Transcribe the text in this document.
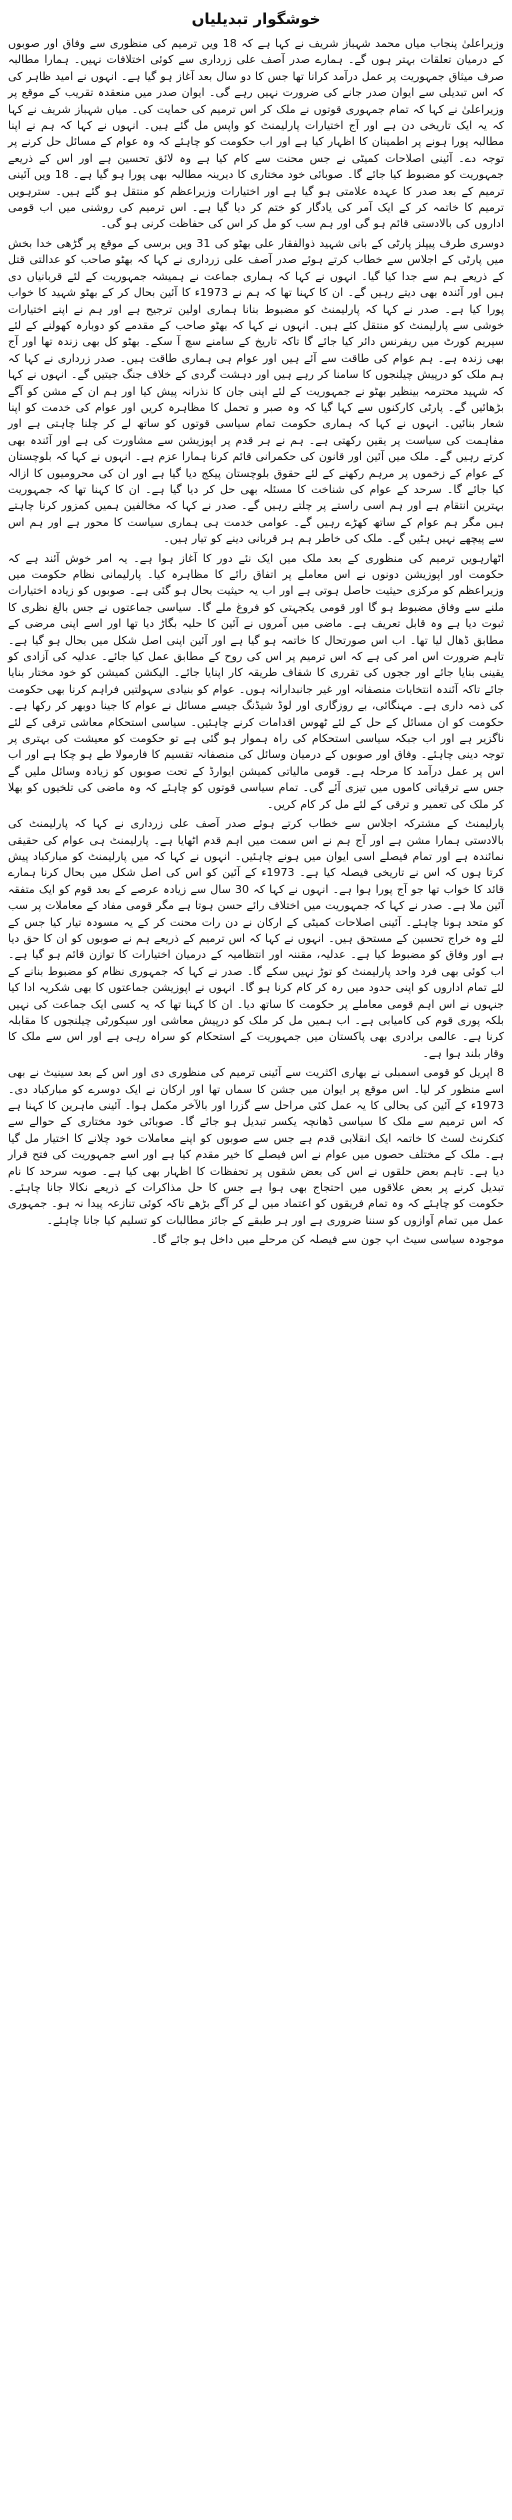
خوشگوار تبدیلیاں

وزیراعلیٰ پنجاب میاں محمد شہباز شریف نے کہا ہے کہ 18 ویں ترمیم کی منظوری سے وفاق اور صوبوں کے درمیان تعلقات بہتر ہوں گے۔ ہمارے صدر آصف علی زرداری سے کوئی اختلافات نہیں۔ ہمارا مطالبہ صرف میثاق جمہوریت پر عمل درآمد کرانا تھا جس کا دو سال بعد آغاز ہو گیا ہے۔ انہوں نے امید ظاہر کی کہ اس تبدیلی سے ایوان صدر جانے کی ضرورت نہیں رہے گی۔ ایوان صدر میں منعقدہ تقریب کے موقع پر وزیراعلیٰ نے کہا کہ تمام جمہوری قوتوں نے ملک کر اس ترمیم کی حمایت کی۔ میاں شہباز شریف نے کہا کہ یہ ایک تاریخی دن ہے اور آج اختیارات پارلیمنٹ کو واپس مل گئے ہیں۔ انہوں نے کہا کہ ہم نے اپنا مطالبہ پورا ہونے پر اطمینان کا اظہار کیا ہے اور اب حکومت کو چاہئے کہ وہ عوام کے مسائل حل کرنے پر توجہ دے۔ آئینی اصلاحات کمیٹی نے جس محنت سے کام کیا ہے وہ لائق تحسین ہے اور اس کے ذریعے جمہوریت کو مضبوط کیا جائے گا۔ صوبائی خود مختاری کا دیرینہ مطالبہ بھی پورا ہو گیا ہے۔ 18 ویں آئینی ترمیم کے بعد صدر کا عہدہ علامتی ہو گیا ہے اور اختیارات وزیراعظم کو منتقل ہو گئے ہیں۔ سترہویں ترمیم کا خاتمہ کر کے ایک آمر کی یادگار کو ختم کر دیا گیا ہے۔ اس ترمیم کی روشنی میں اب قومی اداروں کی بالادستی قائم ہو گی اور ہم سب کو مل کر اس کی حفاظت کرنی ہو گی۔

دوسری طرف پیپلز پارٹی کے بانی شہید ذوالفقار علی بھٹو کی 31 ویں برسی کے موقع پر گڑھی خدا بخش میں پارٹی کے اجلاس سے خطاب کرتے ہوئے صدر آصف علی زرداری نے کہا کہ بھٹو صاحب کو عدالتی قتل کے ذریعے ہم سے جدا کیا گیا۔ انہوں نے کہا کہ ہماری جماعت نے ہمیشہ جمہوریت کے لئے قربانیاں دی ہیں اور آئندہ بھی دیتے رہیں گے۔ ان کا کہنا تھا کہ ہم نے 1973ء کا آئین بحال کر کے بھٹو شہید کا خواب پورا کیا ہے۔ صدر نے کہا کہ پارلیمنٹ کو مضبوط بنانا ہماری اولین ترجیح ہے اور ہم نے اپنے اختیارات خوشی سے پارلیمنٹ کو منتقل کئے ہیں۔ انہوں نے کہا کہ بھٹو صاحب کے مقدمے کو دوبارہ کھولنے کے لئے سپریم کورٹ میں ریفرنس دائر کیا جائے گا تاکہ تاریخ کے سامنے سچ آ سکے۔ بھٹو کل بھی زندہ تھا اور آج بھی زندہ ہے۔ ہم عوام کی طاقت سے آئے ہیں اور عوام ہی ہماری طاقت ہیں۔ صدر زرداری نے کہا کہ ہم ملک کو درپیش چیلنجوں کا سامنا کر رہے ہیں اور دہشت گردی کے خلاف جنگ جیتیں گے۔ انہوں نے کہا کہ شہید محترمہ بینظیر بھٹو نے جمہوریت کے لئے اپنی جان کا نذرانہ پیش کیا اور ہم ان کے مشن کو آگے بڑھائیں گے۔ پارٹی کارکنوں سے کہا گیا کہ وہ صبر و تحمل کا مظاہرہ کریں اور عوام کی خدمت کو اپنا شعار بنائیں۔ انہوں نے کہا کہ ہماری حکومت تمام سیاسی قوتوں کو ساتھ لے کر چلنا چاہتی ہے اور مفاہمت کی سیاست پر یقین رکھتی ہے۔ ہم نے ہر قدم پر اپوزیشن سے مشاورت کی ہے اور آئندہ بھی کرتے رہیں گے۔ ملک میں آئین اور قانون کی حکمرانی قائم کرنا ہمارا عزم ہے۔ انہوں نے کہا کہ بلوچستان کے عوام کے زخموں پر مرہم رکھنے کے لئے حقوق بلوچستان پیکج دیا گیا ہے اور ان کی محرومیوں کا ازالہ کیا جائے گا۔ سرحد کے عوام کی شناخت کا مسئلہ بھی حل کر دیا گیا ہے۔ ان کا کہنا تھا کہ جمہوریت بہترین انتقام ہے اور ہم اسی راستے پر چلتے رہیں گے۔ صدر نے کہا کہ مخالفین ہمیں کمزور کرنا چاہتے ہیں مگر ہم عوام کے ساتھ کھڑے رہیں گے۔ عوامی خدمت ہی ہماری سیاست کا محور ہے اور ہم اس سے پیچھے نہیں ہٹیں گے۔ ملک کی خاطر ہم ہر قربانی دینے کو تیار ہیں۔

اٹھارہویں ترمیم کی منظوری کے بعد ملک میں ایک نئے دور کا آغاز ہوا ہے۔ یہ امر خوش آئند ہے کہ حکومت اور اپوزیشن دونوں نے اس معاملے پر اتفاق رائے کا مظاہرہ کیا۔ پارلیمانی نظام حکومت میں وزیراعظم کو مرکزی حیثیت حاصل ہوتی ہے اور اب یہ حیثیت بحال ہو گئی ہے۔ صوبوں کو زیادہ اختیارات ملنے سے وفاق مضبوط ہو گا اور قومی یکجہتی کو فروغ ملے گا۔ سیاسی جماعتوں نے جس بالغ نظری کا ثبوت دیا ہے وہ قابل تعریف ہے۔ ماضی میں آمروں نے آئین کا حلیہ بگاڑ دیا تھا اور اسے اپنی مرضی کے مطابق ڈھال لیا تھا۔ اب اس صورتحال کا خاتمہ ہو گیا ہے اور آئین اپنی اصل شکل میں بحال ہو گیا ہے۔ تاہم ضرورت اس امر کی ہے کہ اس ترمیم پر اس کی روح کے مطابق عمل کیا جائے۔ عدلیہ کی آزادی کو یقینی بنایا جائے اور ججوں کی تقرری کا شفاف طریقہ کار اپنایا جائے۔ الیکشن کمیشن کو خود مختار بنایا جائے تاکہ آئندہ انتخابات منصفانہ اور غیر جانبدارانہ ہوں۔ عوام کو بنیادی سہولتیں فراہم کرنا بھی حکومت کی ذمہ داری ہے۔ مہنگائی، بے روزگاری اور لوڈ شیڈنگ جیسے مسائل نے عوام کا جینا دوبھر کر رکھا ہے۔ حکومت کو ان مسائل کے حل کے لئے ٹھوس اقدامات کرنے چاہئیں۔ سیاسی استحکام معاشی ترقی کے لئے ناگزیر ہے اور اب جبکہ سیاسی استحکام کی راہ ہموار ہو گئی ہے تو حکومت کو معیشت کی بہتری پر توجہ دینی چاہئے۔ وفاق اور صوبوں کے درمیان وسائل کی منصفانہ تقسیم کا فارمولا طے ہو چکا ہے اور اب اس پر عمل درآمد کا مرحلہ ہے۔ قومی مالیاتی کمیشن ایوارڈ کے تحت صوبوں کو زیادہ وسائل ملیں گے جس سے ترقیاتی کاموں میں تیزی آئے گی۔ تمام سیاسی قوتوں کو چاہئے کہ وہ ماضی کی تلخیوں کو بھلا کر ملک کی تعمیر و ترقی کے لئے مل کر کام کریں۔

پارلیمنٹ کے مشترکہ اجلاس سے خطاب کرتے ہوئے صدر آصف علی زرداری نے کہا کہ پارلیمنٹ کی بالادستی ہمارا مشن ہے اور آج ہم نے اس سمت میں اہم قدم اٹھایا ہے۔ پارلیمنٹ ہی عوام کی حقیقی نمائندہ ہے اور تمام فیصلے اسی ایوان میں ہونے چاہئیں۔ انہوں نے کہا کہ میں پارلیمنٹ کو مبارکباد پیش کرتا ہوں کہ اس نے تاریخی فیصلہ کیا ہے۔ 1973ء کے آئین کو اس کی اصل شکل میں بحال کرنا ہمارے قائد کا خواب تھا جو آج پورا ہوا ہے۔ انہوں نے کہا کہ 30 سال سے زیادہ عرصے کے بعد قوم کو ایک متفقہ آئین ملا ہے۔ صدر نے کہا کہ جمہوریت میں اختلاف رائے حسن ہوتا ہے مگر قومی مفاد کے معاملات پر سب کو متحد ہونا چاہئے۔ آئینی اصلاحات کمیٹی کے ارکان نے دن رات محنت کر کے یہ مسودہ تیار کیا جس کے لئے وہ خراج تحسین کے مستحق ہیں۔ انہوں نے کہا کہ اس ترمیم کے ذریعے ہم نے صوبوں کو ان کا حق دیا ہے اور وفاق کو مضبوط کیا ہے۔ عدلیہ، مقننہ اور انتظامیہ کے درمیان اختیارات کا توازن قائم ہو گیا ہے۔ اب کوئی بھی فرد واحد پارلیمنٹ کو توڑ نہیں سکے گا۔ صدر نے کہا کہ جمہوری نظام کو مضبوط بنانے کے لئے تمام اداروں کو اپنی حدود میں رہ کر کام کرنا ہو گا۔ انہوں نے اپوزیشن جماعتوں کا بھی شکریہ ادا کیا جنہوں نے اس اہم قومی معاملے پر حکومت کا ساتھ دیا۔ ان کا کہنا تھا کہ یہ کسی ایک جماعت کی نہیں بلکہ پوری قوم کی کامیابی ہے۔ اب ہمیں مل کر ملک کو درپیش معاشی اور سیکورٹی چیلنجوں کا مقابلہ کرنا ہے۔ عالمی برادری بھی پاکستان میں جمہوریت کے استحکام کو سراہ رہی ہے اور اس سے ملک کا وقار بلند ہوا ہے۔

8 اپریل کو قومی اسمبلی نے بھاری اکثریت سے آئینی ترمیم کی منظوری دی اور اس کے بعد سینیٹ نے بھی اسے منظور کر لیا۔ اس موقع پر ایوان میں جشن کا سماں تھا اور ارکان نے ایک دوسرے کو مبارکباد دی۔ 1973ء کے آئین کی بحالی کا یہ عمل کئی مراحل سے گزرا اور بالآخر مکمل ہوا۔ آئینی ماہرین کا کہنا ہے کہ اس ترمیم سے ملک کا سیاسی ڈھانچہ یکسر تبدیل ہو جائے گا۔ صوبائی خود مختاری کے حوالے سے کنکرنٹ لسٹ کا خاتمہ ایک انقلابی قدم ہے جس سے صوبوں کو اپنے معاملات خود چلانے کا اختیار مل گیا ہے۔ ملک کے مختلف حصوں میں عوام نے اس فیصلے کا خیر مقدم کیا ہے اور اسے جمہوریت کی فتح قرار دیا ہے۔ تاہم بعض حلقوں نے اس کی بعض شقوں پر تحفظات کا اظہار بھی کیا ہے۔ صوبہ سرحد کا نام تبدیل کرنے پر بعض علاقوں میں احتجاج بھی ہوا ہے جس کا حل مذاکرات کے ذریعے نکالا جانا چاہئے۔ حکومت کو چاہئے کہ وہ تمام فریقوں کو اعتماد میں لے کر آگے بڑھے تاکہ کوئی تنازعہ پیدا نہ ہو۔ جمہوری عمل میں تمام آوازوں کو سننا ضروری ہے اور ہر طبقے کے جائز مطالبات کو تسلیم کیا جانا چاہئے۔

موجودہ سیاسی سیٹ اپ جون سے فیصلہ کن مرحلے میں داخل ہو جائے گا۔
